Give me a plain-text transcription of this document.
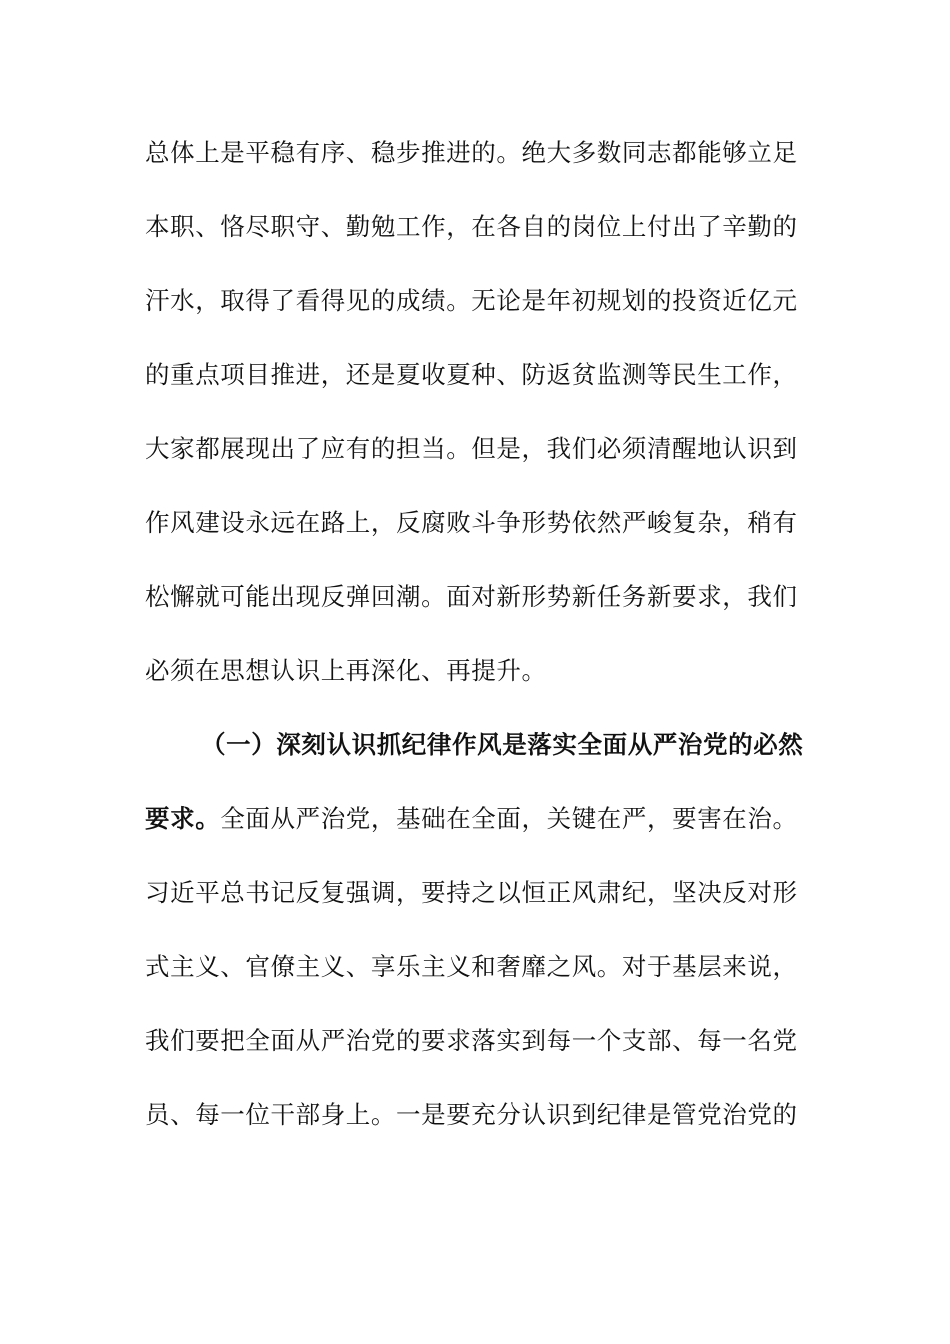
总体上是平稳有序、稳步推进的。绝大多数同志都能够立足
本职、恪尽职守、勤勉工作，在各自的岗位上付出了辛勤的
汗水，取得了看得见的成绩。无论是年初规划的投资近亿元
的重点项目推进，还是夏收夏种、防返贫监测等民生工作，
大家都展现出了应有的担当。但是，我们必须清醒地认识到
作风建设永远在路上，反腐败斗争形势依然严峻复杂，稍有
松懈就可能出现反弹回潮。面对新形势新任务新要求，我们
必须在思想认识上再深化、再提升。
（一）深刻认识抓纪律作风是落实全面从严治党的必然
要求。全面从严治党，基础在全面，关键在严，要害在治。
习近平总书记反复强调，要持之以恒正风肃纪，坚决反对形
式主义、官僚主义、享乐主义和奢靡之风。对于基层来说，
我们要把全面从严治党的要求落实到每一个支部、每一名党
员、每一位干部身上。一是要充分认识到纪律是管党治党的
